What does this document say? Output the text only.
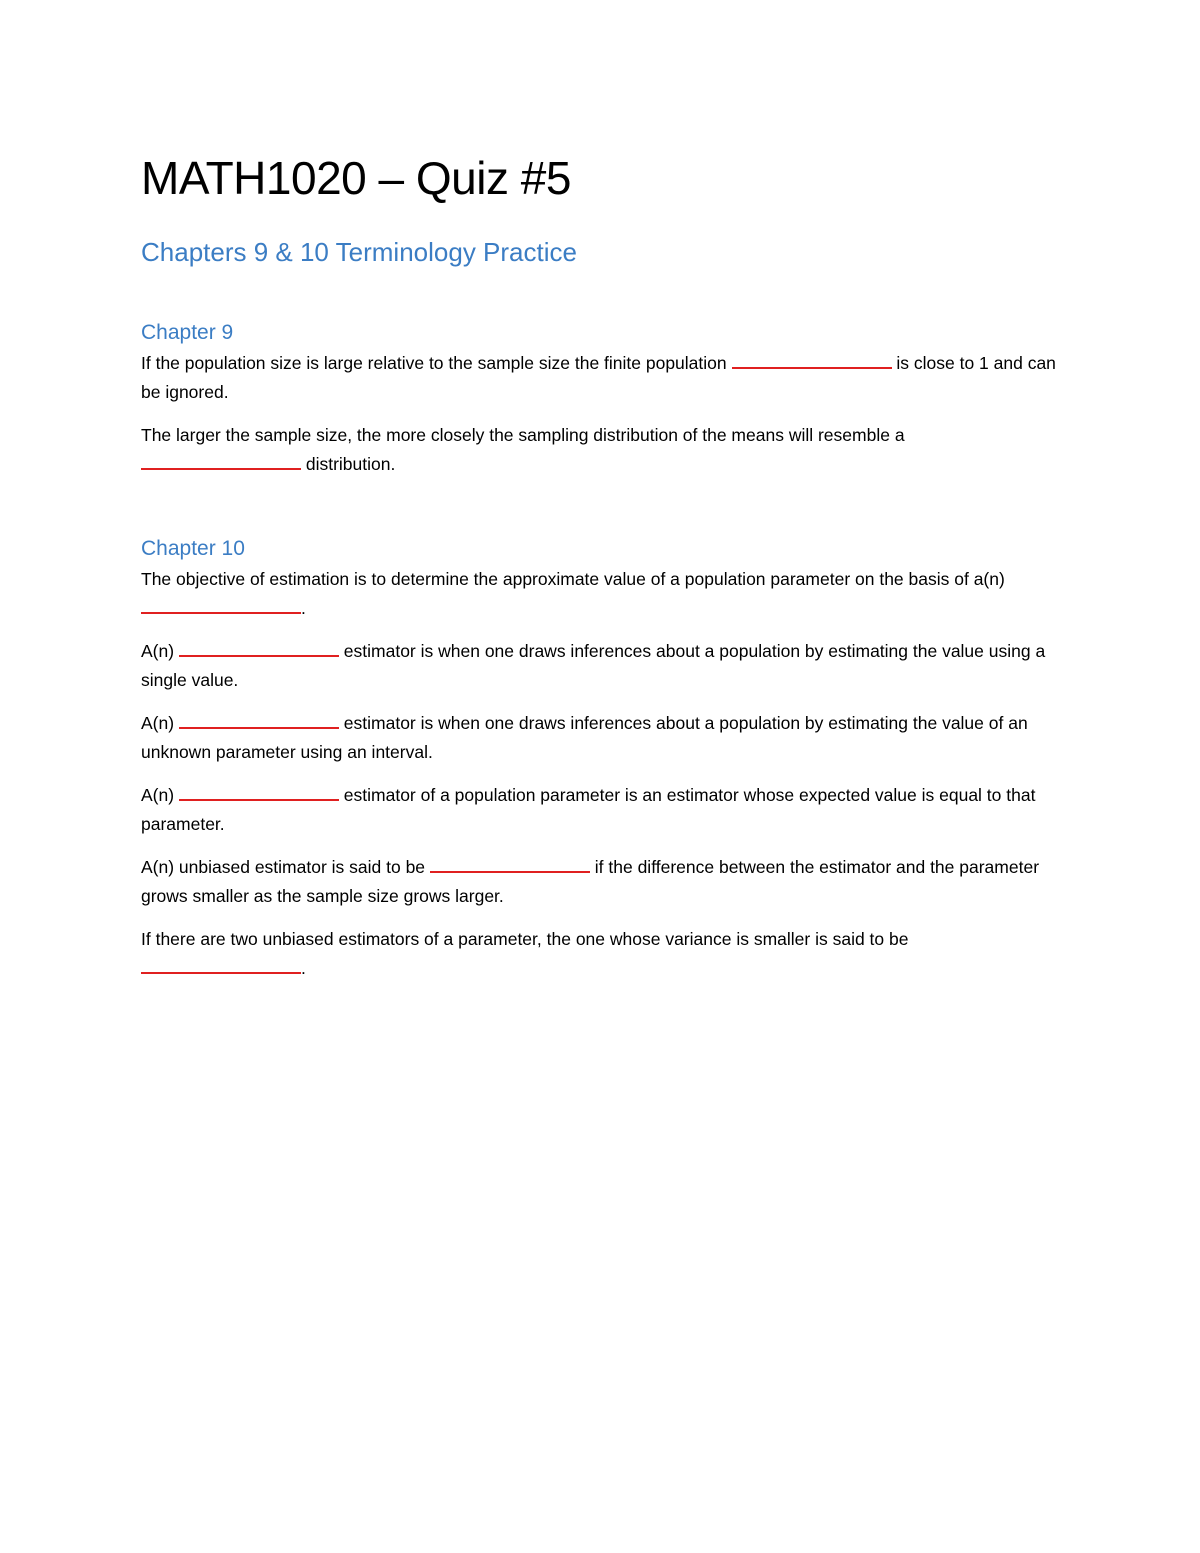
MATH1020 – Quiz #5
Chapters 9 & 10 Terminology Practice
Chapter 9

If the population size is large relative to the sample size the finite population	is close to 1 and can be ignored.

The larger the sample size, the more closely the sampling distribution of the means will resemble a  distribution.

Chapter 10

The objective of estimation is to determine the approximate value of a population parameter on the basis of a(n) .

A(n)	estimator is when one draws inferences about a population by estimating the value using a single value.

A(n)	estimator is when one draws inferences about a population by estimating the value of an unknown parameter using an interval.

A(n)	estimator of a population parameter is an estimator whose expected value is equal to that parameter.

A(n) unbiased estimator is said to be	if the difference between the estimator and the parameter grows smaller as the sample size grows larger.

If there are two unbiased estimators of a parameter, the one whose variance is smaller is said to be .
